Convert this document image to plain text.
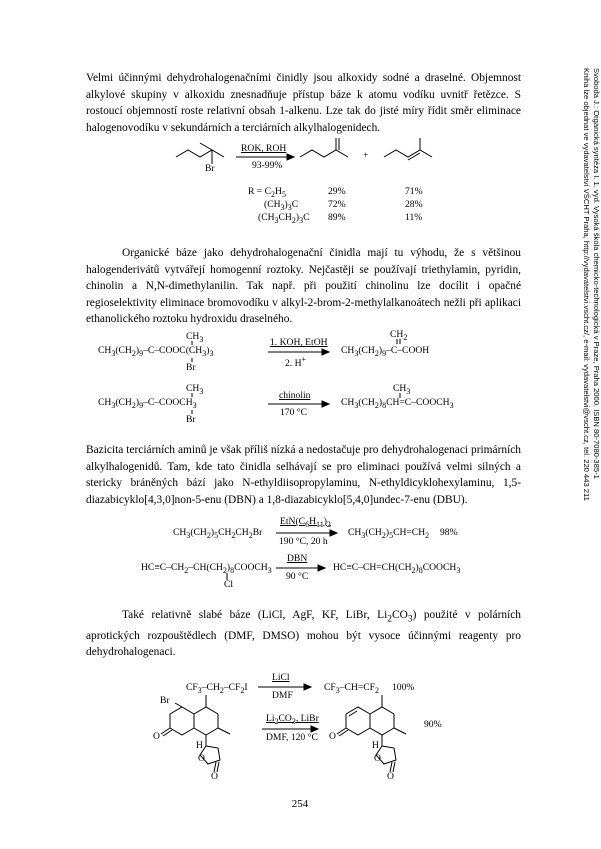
Svoboda J.: Organická syntéza I. 1. vyd. Vysoká škola chemicko-technologická v Praze, Praha 2000. ISBN 80-7080-385-1
Kniha lze objednat ve vydavatelství VŠCHT Praha, http://vydavatelstvi.vscht.cz/, e-mail: vydavatelstvi@vscht.cz, tel. 220 443 211
Velmi účinnými dehydrohalogenačními činidly jsou alkoxidy sodné a draselné. Objemnost alkylové skupiny v alkoxidu znesnadňuje přístup báze k atomu vodíku uvnitř řetězce. S rostoucí objemností roste relativní obsah 1-alkenu. Lze tak do jisté míry řídit směr eliminace halogenovodíku v sekundárních a terciárních alkylhalogenidech.
Br
ROK, ROH
93-99%
+
$R = C_2H_5$	29%	71%
$(CH_3)_3C$	72%	28%
$(CH_3CH_2)_3C$ 89%	11%
Organické báze jako dehydrohalogenační činidla mají tu výhodu, že s většinou halogenderivátů vytvářejí homogenní roztoky. Nejčastěji se používají triethylamin, pyridin, chinolin a N,N-dimethylanilin. Tak např. při použití chinolinu lze docílit i opačné regioselektivity eliminace bromovodíku v alkyl-2-brom-2-methylalkanoátech nežli při aplikaci ethanolického roztoku hydroxidu draselného.
$CH_3$
$CH_3(CH_2)_9-C-COOC(CH_3)_3$
Br
1. KOH, EtOH
2. H+
$CH_2$
$CH_3(CH_2)_9-C$–COOH
$CH_3$
$CH_3(CH_2)_9-C-COOCH_3$
Br
chinolin
170 °C
$CH_3$
$CH_3(CH_2)_8CH=C-COOCH_3$
Bazicita terciárních aminů je však příliš nízká a nedostačuje pro dehydrohalogenaci primárních alkylhalogenidů. Tam, kde tato činidla selhávají se pro eliminaci používá velmi silných a stericky bráněných bází jako N-ethyldiisopropylaminu, N-ethyldicyklohexylaminu, 1,5-diazabicyklo[4,3,0]non-5-enu (DBN) a 1,8-diazabicyklo[5,4,0]undec-7-enu (DBU).
$CH_3(CH_2)_5CH_2CH_2Br$
$EtN(C_6H_{11})_2$
190 °C, 20 h
$CH_3(CH_2)_5CH=CH_2$ 98%
$HC\equiv C-CH_2-CH(CH_2)_8COOCH_3$
Cl
DBN
90 °C
$HC\equiv C-CH=CH(CH_2)_8COOCH_3$
Také relativně slabé báze (LiCl, AgF, KF, LiBr, $Li_2CO_3$) použité v polárních aprotických rozpouštědlech (DMF, DMSO) mohou být vysoce účinnými reagenty pro dehydrohalogenaci.
$CF_3-CH_2-CF_2I$
LiCl
DMF
$CF_3-CH=CF_2$ 100%
Br
O
H
O
O
$Li_2CO_3$, LiBr
DMF, 120 °C O
H
O
O
90%
254
